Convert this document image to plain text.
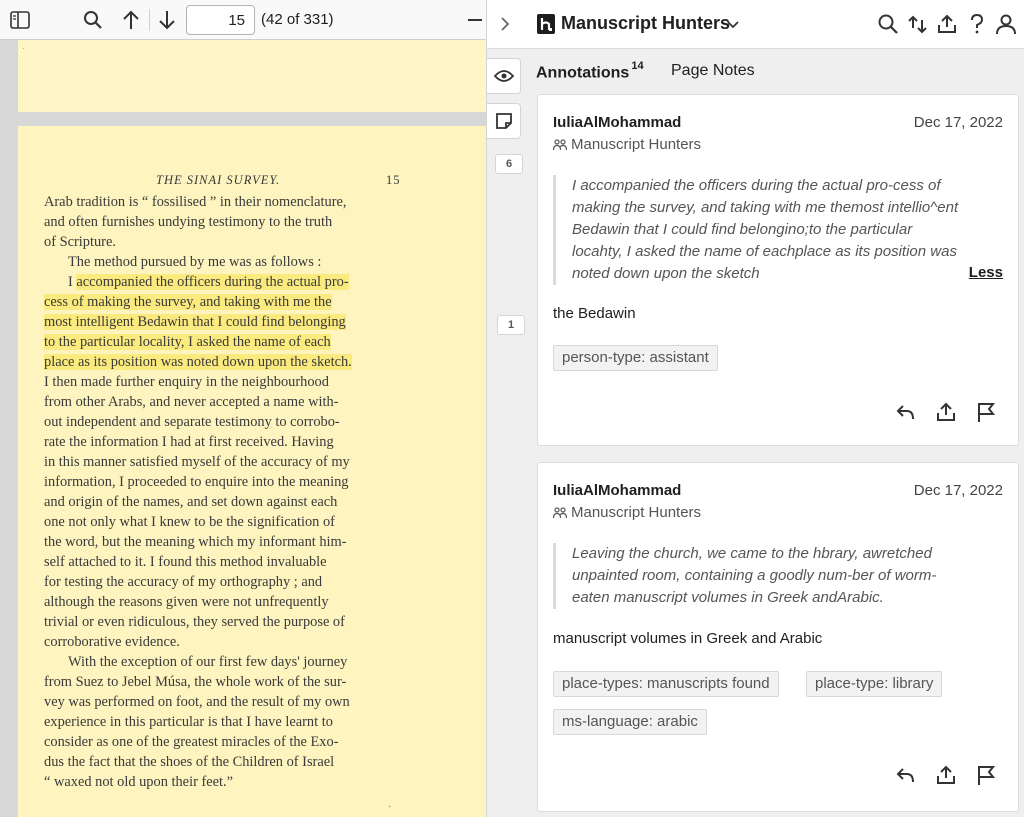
·
THE SINAI SURVEY.	15

Arab tradition is “ fossilised ” in their nomenclature,

and often furnishes undying testimony to the truth

of Scripture.

The method pursued by me was as follows :

I accompanied the officers during the actual pro-

cess of making the survey, and taking with me the

most intelligent Bedawin that I could find belonging

to the particular locality, I asked the name of each

place as its position was noted down upon the sketch.

I then made further enquiry in the neighbourhood

from other Arabs, and never accepted a name with-

out independent and separate testimony to corrobo-

rate the information I had at first received. Having

in this manner satisfied myself of the accuracy of my

information, I proceeded to enquire into the meaning

and origin of the names, and set down against each

one not only what I knew to be the signification of

the word, but the meaning which my informant him-

self attached to it. I found this method invaluable

for testing the accuracy of my orthography ; and

although the reasons given were not unfrequently

trivial or even ridiculous, they served the purpose of

corroborative evidence.

With the exception of our first few days' journey

from Suez to Jebel Músa, the whole work of the sur-

vey was performed on foot, and the result of my own

experience in this particular is that I have learnt to

consider as one of the greatest miracles of the Exo-

dus the fact that the shoes of the Children of Israel

“ waxed not old upon their feet.”

·
15
(42 of 331)	Manuscript Hunters
6
1
Annotations $^{14}$ Page Notes
IuliaAlMohammad	Dec 17, 2022
Manuscript Hunters
I accompanied the officers during the actual pro-cess of
making the survey, and taking with me themost intellio^ent
Bedawin that I could find belongino;to the particular
locahty, I asked the name of eachplace as its position was
noted down upon the sketch	Less
the Bedawin
person-type: assistant
IuliaAlMohammad	Dec 17, 2022
Manuscript Hunters
Leaving the church, we came to the hbrary, awretched
unpainted room, containing a goodly num-ber of worm-
eaten manuscript volumes in Greek andArabic.
manuscript volumes in Greek and Arabic
place-types: manuscripts found	place-type: library
ms-language: arabic
